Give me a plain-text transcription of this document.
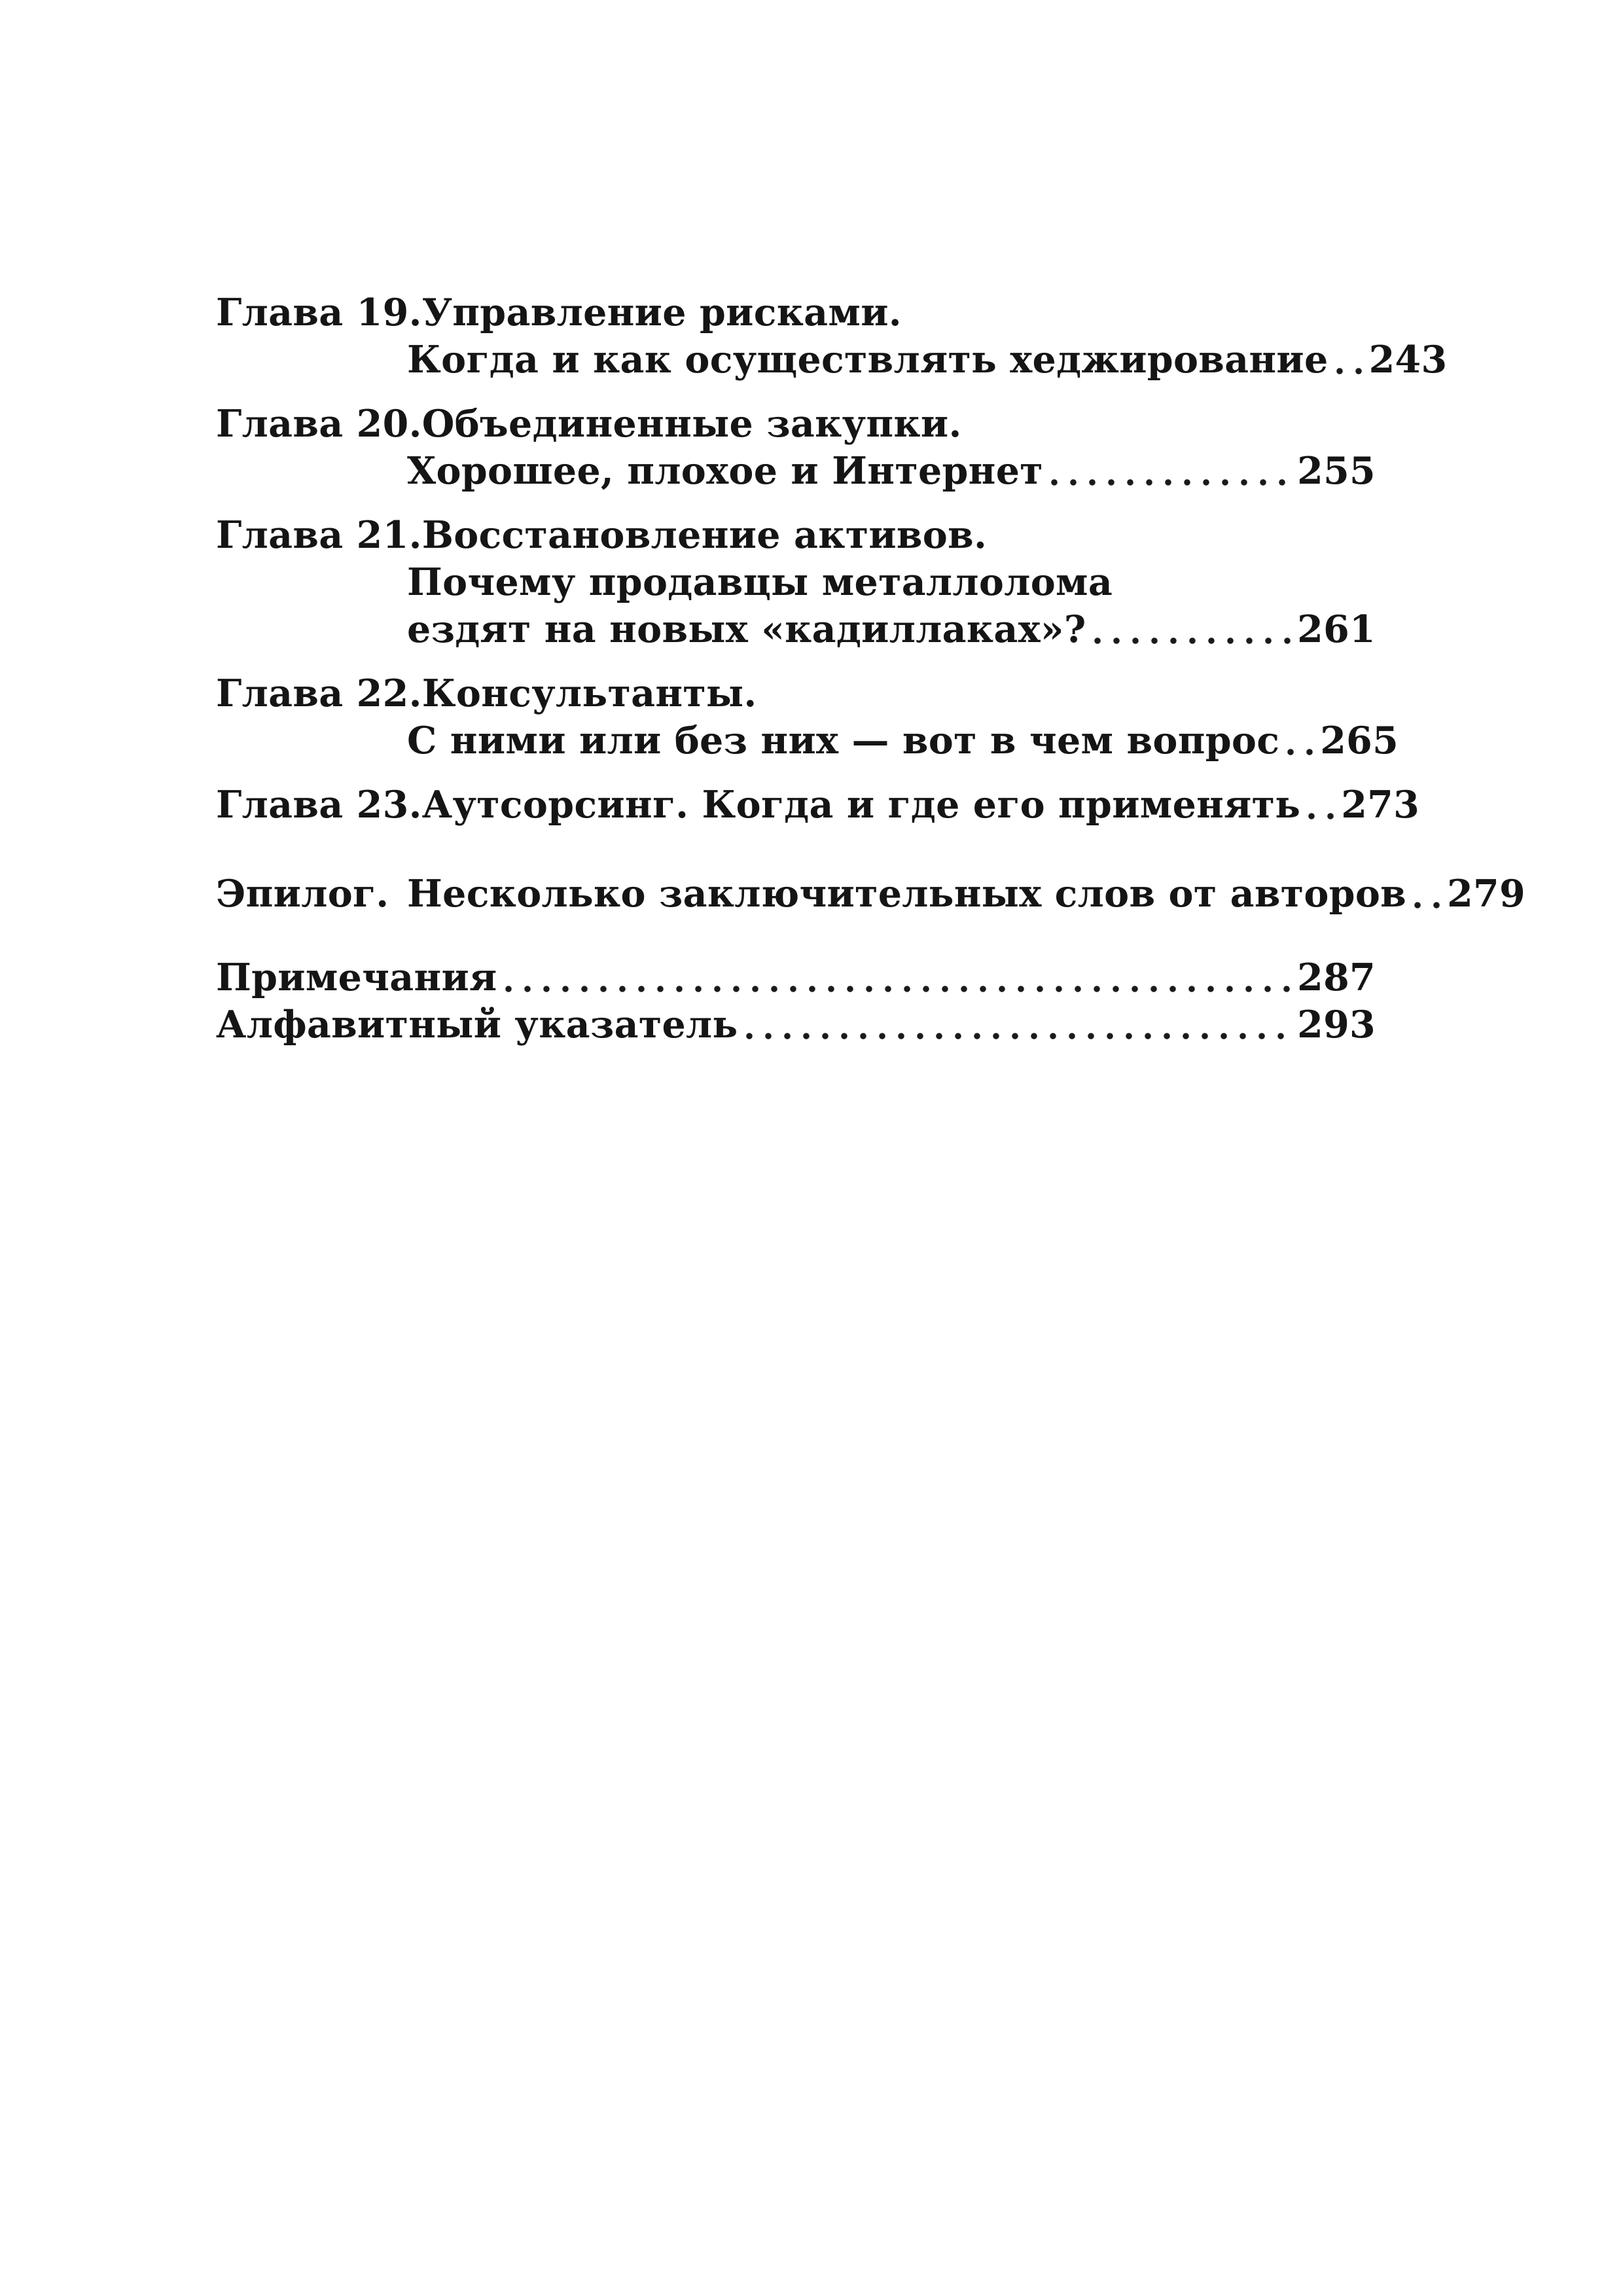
Глава 19. Управление рисками.
Когда и как осуществлять хеджирование 243
Глава 20. Объединенные закупки.
Хорошее, плохое и Интернет	255
Глава 21. Восстановление активов.
Почему продавцы металлолома
ездят на новых «кадиллаках»?	261
Глава 22. Консультанты.
С ними или без них — вот в чем вопрос 265
Глава 23. Аутсорсинг. Когда и где его применять 273
Эпилог. Несколько заключительных слов от авторов 279
Примечания	287
Алфавитный указатель	293
